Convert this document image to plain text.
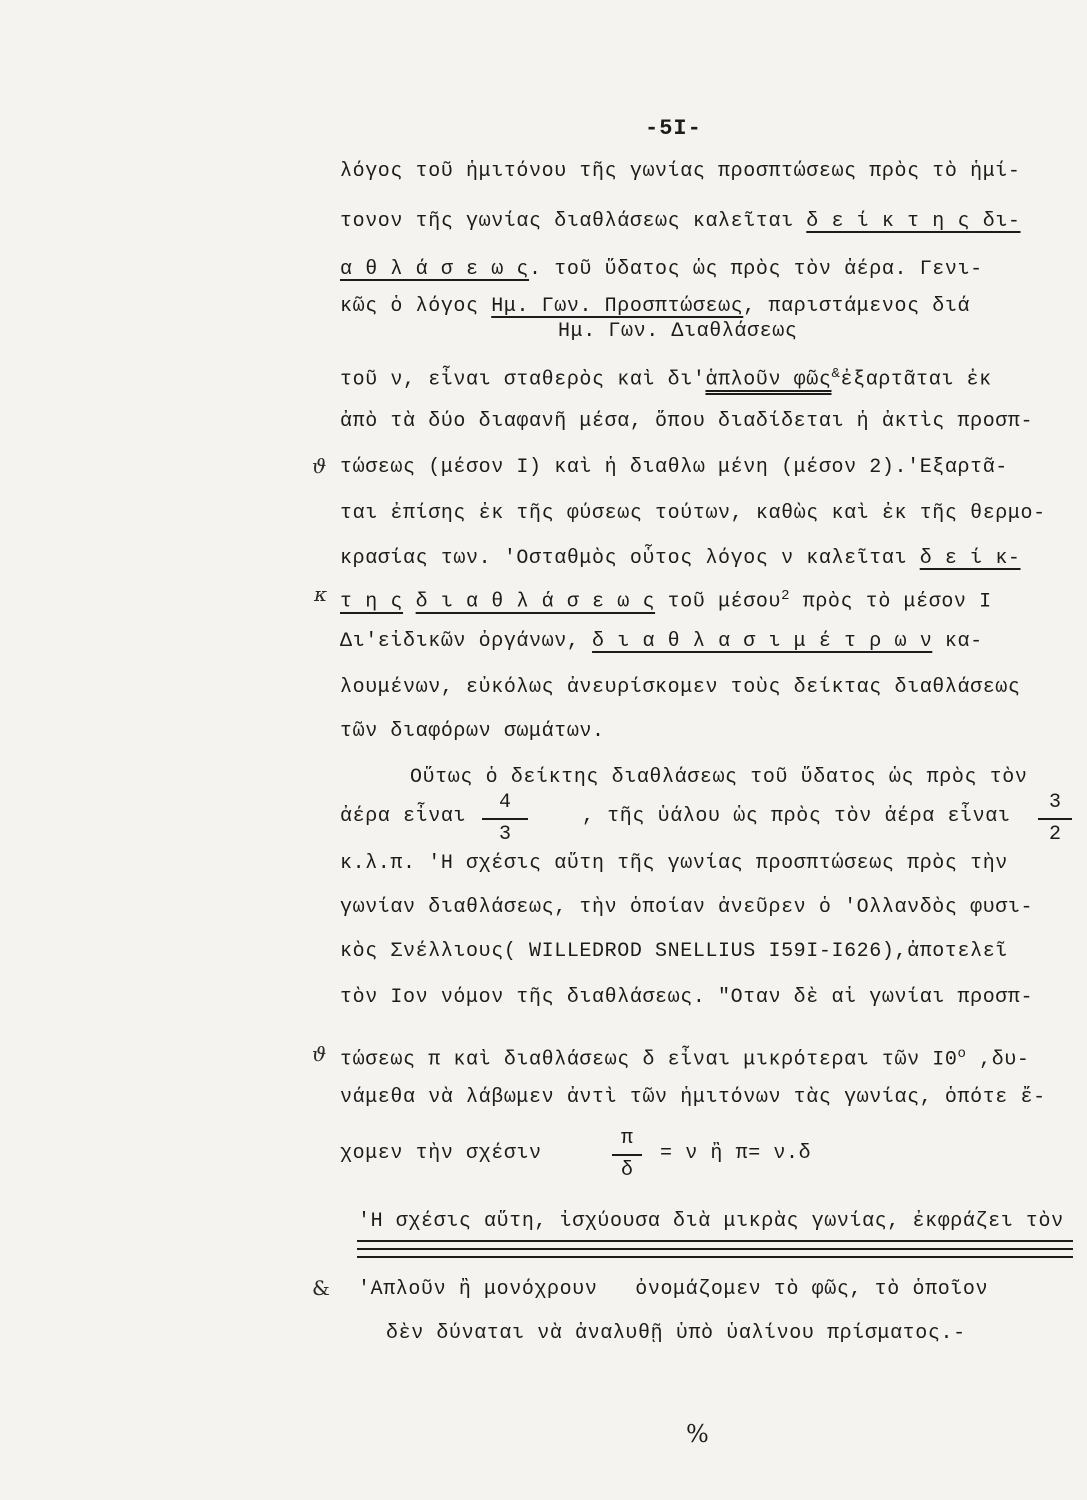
-5I-
λόγος τοῦ ἡμιτόνου τῆς γωνίας προσπτώσεως πρὸς τὸ ἡμί-
τονον τῆς γωνίας διαθλάσεως καλεῖται δ ε ί κ τ η ς δι-
α θ λ ά σ ε ω ς. τοῦ ὕδατος ὡς πρὸς τὸν ἀέρα. Γενι-
κῶς ὁ λόγος Ημ. Γων. Προσπτώσεως, παριστάμενος διά
Ημ. Γων. Διαθλάσεως
τοῦ ν, εἶναι σταθερὸς καὶ δι'ἁπλοῦν φῶς&ἐξαρτᾶται ἐκ
ἀπὸ τὰ δύο διαφανῆ μέσα, ὅπου διαδίδεται ἡ ἀκτὶς προσπ-
ϑ τώσεως (μέσον I) καὶ ἡ διαθλω μένη (μέσον 2).'Εξαρτᾶ-
ται ἐπίσης ἐκ τῆς φύσεως τούτων, καθὼς καὶ ἐκ τῆς θερμο-
κρασίας των. 'Οσταθμὸς οὗτος λόγος ν καλεῖται δ ε ί κ-
κ τ η ς δ ι α θ λ ά σ ε ω ς τοῦ μέσου$^2$ πρὸς τὸ μέσον I
Δι'εἰδικῶν ὀργάνων, δ ι α θ λ α σ ι μ έ τ ρ ω ν κα-
λουμένων, εὐκόλως ἀνευρίσκομεν τοὺς δείκτας διαθλάσεως
τῶν διαφόρων σωμάτων.
Οὕτως ὁ δείκτης διαθλάσεως τοῦ ὕδατος ὡς πρὸς τὸν
ἀέρα εἶναι
4
3
, τῆς ὑάλου ὡς πρὸς τὸν ἀέρα εἶναι
3
2
κ.λ.π. 'Η σχέσις αὕτη τῆς γωνίας προσπτώσεως πρὸς τὴν
γωνίαν διαθλάσεως, τὴν ὁποίαν ἀνεῦρεν ὁ 'Ολλανδὸς φυσι-
κὸς Σνέλλιους( WILLEDROD SNELLIUS I59I-I626),ἀποτελεῖ
τὸν Iον νόμον τῆς διαθλάσεως. "Οταν δὲ αἱ γωνίαι προσπ-
ϑ τώσεως π καὶ διαθλάσεως δ εἶναι μικρότεραι τῶν I0$^o$ ,δυ-
νάμεθα νὰ λάβωμεν ἀντὶ τῶν ἡμιτόνων τὰς γωνίας, ὁπότε ἔ-
χομεν τὴν σχέσιν
π
δ
= ν ἢ π= ν.δ
'Η σχέσις αὕτη, ἰσχύουσα διὰ μικρὰς γωνίας, ἐκφράζει τὸν
& 'Απλοῦν ἢ μονόχρουν ὀνομάζομεν τὸ φῶς, τὸ ὁποῖον
δὲν δύναται νὰ ἀναλυθῇ ὑπὸ ὑαλίνου πρίσματος.-
%
